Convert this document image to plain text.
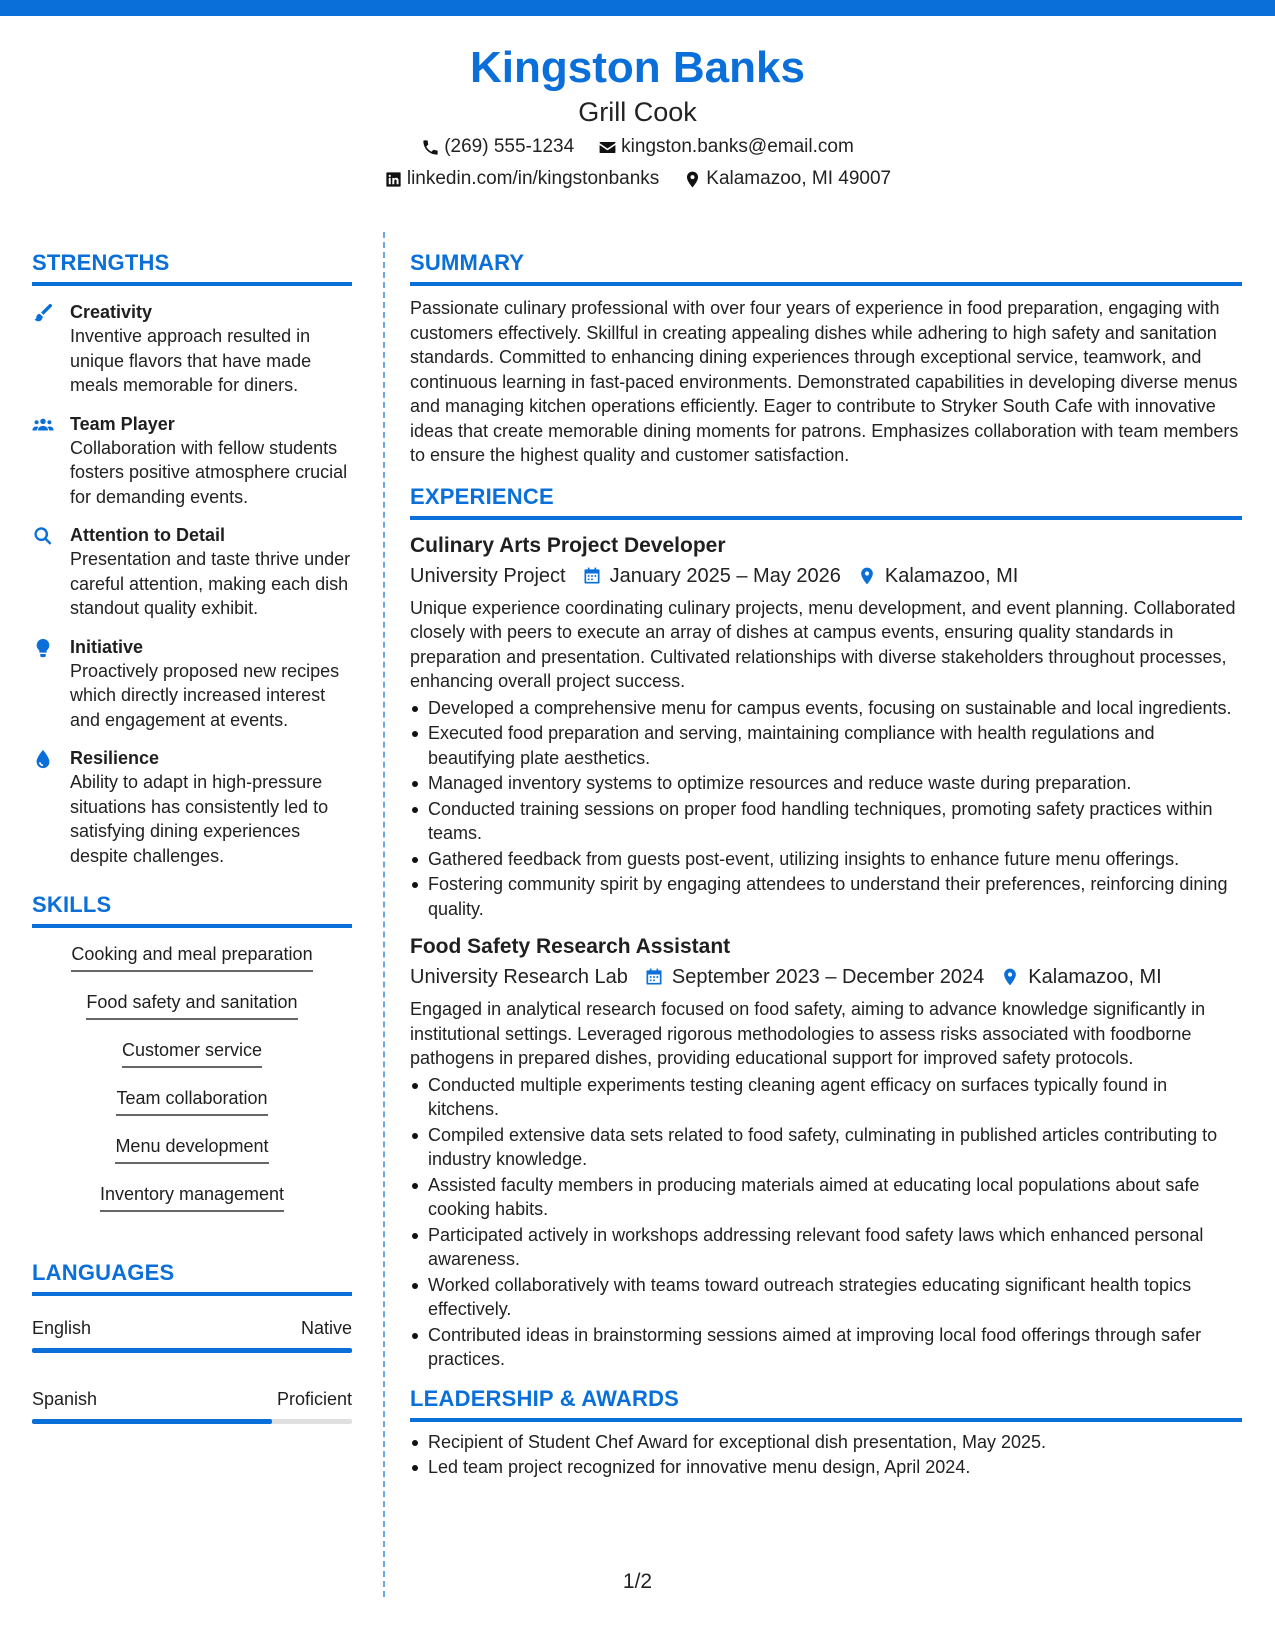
Kingston Banks
Grill Cook
(269) 555-1234 kingston.banks@email.com
linkedin.com/in/kingstonbanks Kalamazoo, MI 49007
STRENGTHS
Creativity
Inventive approach resulted in unique flavors that have made meals memorable for diners.
Team Player
Collaboration with fellow students fosters positive atmosphere crucial for demanding events.
Attention to Detail
Presentation and taste thrive under careful attention, making each dish standout quality exhibit.
Initiative
Proactively proposed new recipes which directly increased interest and engagement at events.
Resilience
Ability to adapt in high-pressure situations has consistently led to satisfying dining experiences despite challenges.
SKILLS
Cooking and meal preparation
Food safety and sanitation
Customer service
Team collaboration
Menu development
Inventory management
LANGUAGES
English	Native
Spanish	Proficient
SUMMARY
Passionate culinary professional with over four years of experience in food preparation, engaging with customers effectively. Skillful in creating appealing dishes while adhering to high safety and sanitation standards. Committed to enhancing dining experiences through exceptional service, teamwork, and continuous learning in fast-paced environments. Demonstrated capabilities in developing diverse menus and managing kitchen operations efficiently. Eager to contribute to Stryker South Cafe with innovative ideas that create memorable dining moments for patrons. Emphasizes collaboration with team members to ensure the highest quality and customer satisfaction.
EXPERIENCE
Culinary Arts Project Developer
University Project January 2025 – May 2026 Kalamazoo, MI
Unique experience coordinating culinary projects, menu development, and event planning. Collaborated closely with peers to execute an array of dishes at campus events, ensuring quality standards in preparation and presentation. Cultivated relationships with diverse stakeholders throughout processes, enhancing overall project success.
Developed a comprehensive menu for campus events, focusing on sustainable and local ingredients.
Executed food preparation and serving, maintaining compliance with health regulations and beautifying plate aesthetics.
Managed inventory systems to optimize resources and reduce waste during preparation.
Conducted training sessions on proper food handling techniques, promoting safety practices within teams.
Gathered feedback from guests post-event, utilizing insights to enhance future menu offerings.
Fostering community spirit by engaging attendees to understand their preferences, reinforcing dining quality.
Food Safety Research Assistant
University Research Lab September 2023 – December 2024 Kalamazoo, MI
Engaged in analytical research focused on food safety, aiming to advance knowledge significantly in institutional settings. Leveraged rigorous methodologies to assess risks associated with foodborne pathogens in prepared dishes, providing educational support for improved safety protocols.
Conducted multiple experiments testing cleaning agent efficacy on surfaces typically found in kitchens.
Compiled extensive data sets related to food safety, culminating in published articles contributing to industry knowledge.
Assisted faculty members in producing materials aimed at educating local populations about safe cooking habits.
Participated actively in workshops addressing relevant food safety laws which enhanced personal awareness.
Worked collaboratively with teams toward outreach strategies educating significant health topics effectively.
Contributed ideas in brainstorming sessions aimed at improving local food offerings through safer practices.
LEADERSHIP & AWARDS
Recipient of Student Chef Award for exceptional dish presentation, May 2025.
Led team project recognized for innovative menu design, April 2024.
1/2
